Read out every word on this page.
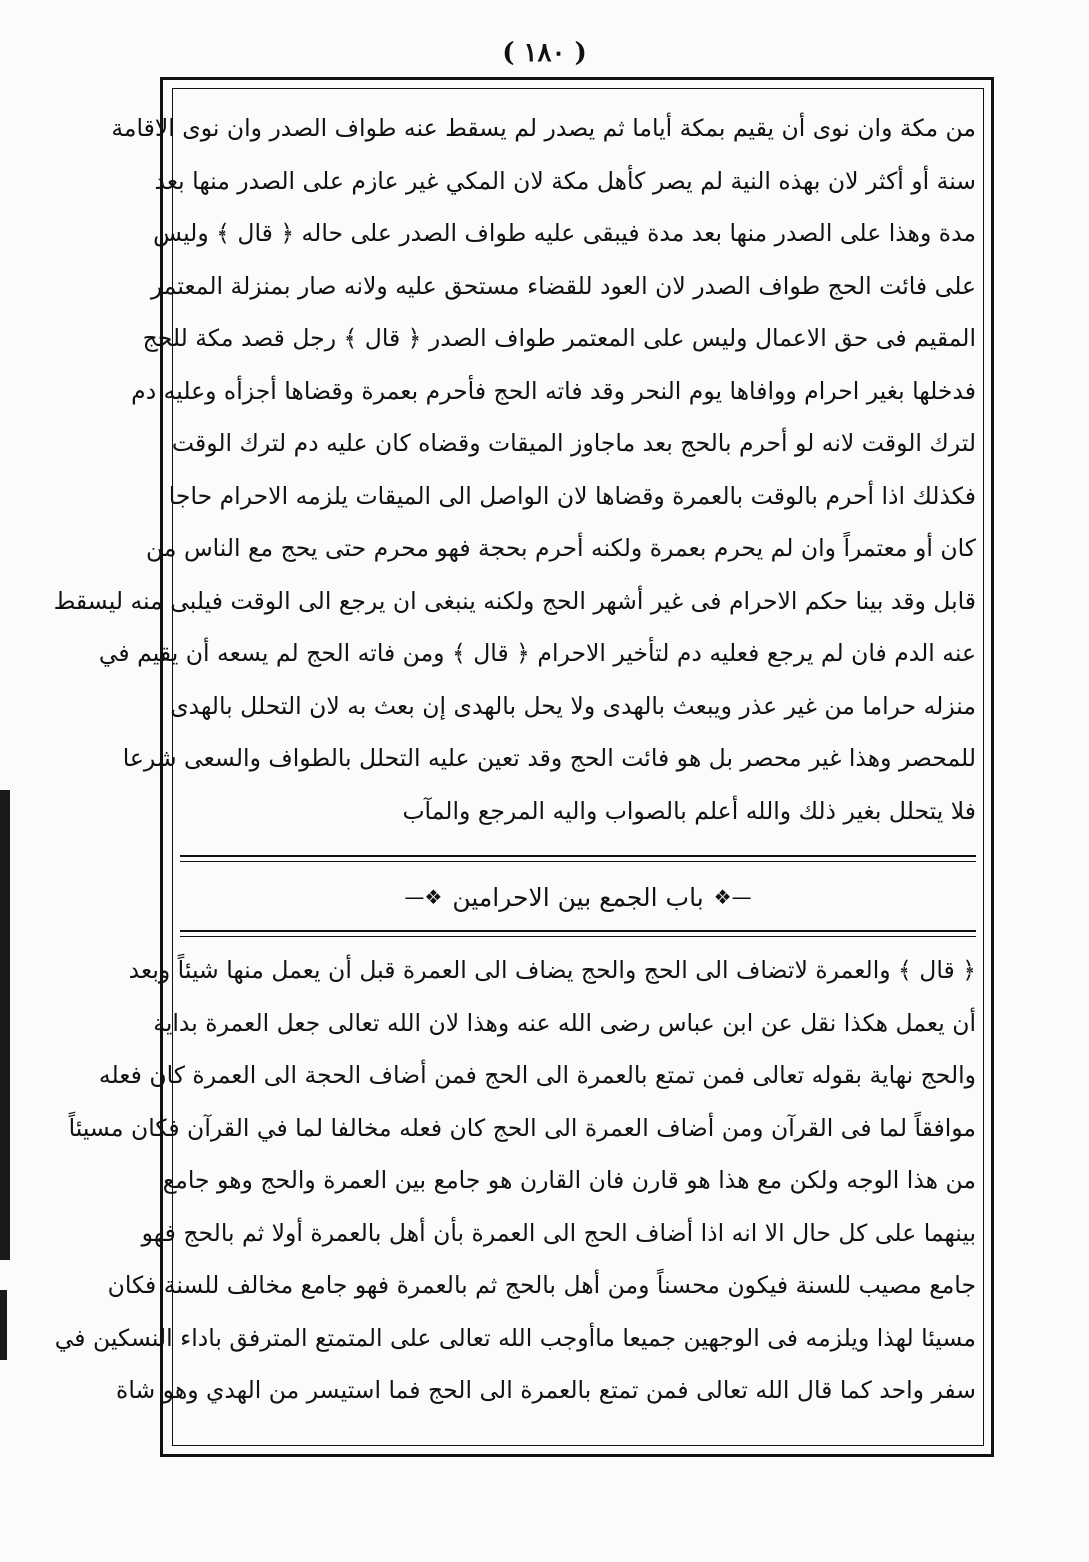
( ١٨٠ )
من مكة وان نوى أن يقيم بمكة أياما ثم يصدر لم يسقط عنه طواف الصدر وان نوى الاقامة
سنة أو أكثر لان بهذه النية لم يصر كأهل مكة لان المكي غير عازم على الصدر منها بعد
مدة وهذا على الصدر منها بعد مدة فيبقى عليه طواف الصدر على حاله ﴿ قال ﴾ وليس
على فائت الحج طواف الصدر لان العود للقضاء مستحق عليه ولانه صار بمنزلة المعتمر
المقيم فى حق الاعمال وليس على المعتمر طواف الصدر ﴿ قال ﴾ رجل قصد مكة للحج
فدخلها بغير احرام ووافاها يوم النحر وقد فاته الحج فأحرم بعمرة وقضاها أجزأه وعليه دم
لترك الوقت لانه لو أحرم بالحج بعد ماجاوز الميقات وقضاه كان عليه دم لترك الوقت
فكذلك اذا أحرم بالوقت بالعمرة وقضاها لان الواصل الى الميقات يلزمه الاحرام حاجا
كان أو معتمراً وان لم يحرم بعمرة ولكنه أحرم بحجة فهو محرم حتى يحج مع الناس من
قابل وقد بينا حكم الاحرام فى غير أشهر الحج ولكنه ينبغى ان يرجع الى الوقت فيلبى منه ليسقط
عنه الدم فان لم يرجع فعليه دم لتأخير الاحرام ﴿ قال ﴾ ومن فاته الحج لم يسعه أن يقيم في
منزله حراما من غير عذر ويبعث بالهدى ولا يحل بالهدى إن بعث به لان التحلل بالهدى
للمحصر وهذا غير محصر بل هو فائت الحج وقد تعين عليه التحلل بالطواف والسعى شرعا
فلا يتحلل بغير ذلك والله أعلم بالصواب واليه المرجع والمآب
—❖
باب الجمع بين الاحرامين
❖—
﴿ قال ﴾ والعمرة لاتضاف الى الحج والحج يضاف الى العمرة قبل أن يعمل منها شيئاً وبعد
أن يعمل هكذا نقل عن ابن عباس رضى الله عنه وهذا لان الله تعالى جعل العمرة بداية
والحج نهاية بقوله تعالى فمن تمتع بالعمرة الى الحج فمن أضاف الحجة الى العمرة كان فعله
موافقاً لما فى القرآن ومن أضاف العمرة الى الحج كان فعله مخالفا لما في القرآن فكان مسيئاً
من هذا الوجه ولكن مع هذا هو قارن فان القارن هو جامع بين العمرة والحج وهو جامع
بينهما على كل حال الا انه اذا أضاف الحج الى العمرة بأن أهل بالعمرة أولا ثم بالحج فهو
جامع مصيب للسنة فيكون محسناً ومن أهل بالحج ثم بالعمرة فهو جامع مخالف للسنة فكان
مسيئا لهذا ويلزمه فى الوجهين جميعا ماأوجب الله تعالى على المتمتع المترفق باداء النسكين في
سفر واحد كما قال الله تعالى فمن تمتع بالعمرة الى الحج فما استيسر من الهدي وهو شاة
